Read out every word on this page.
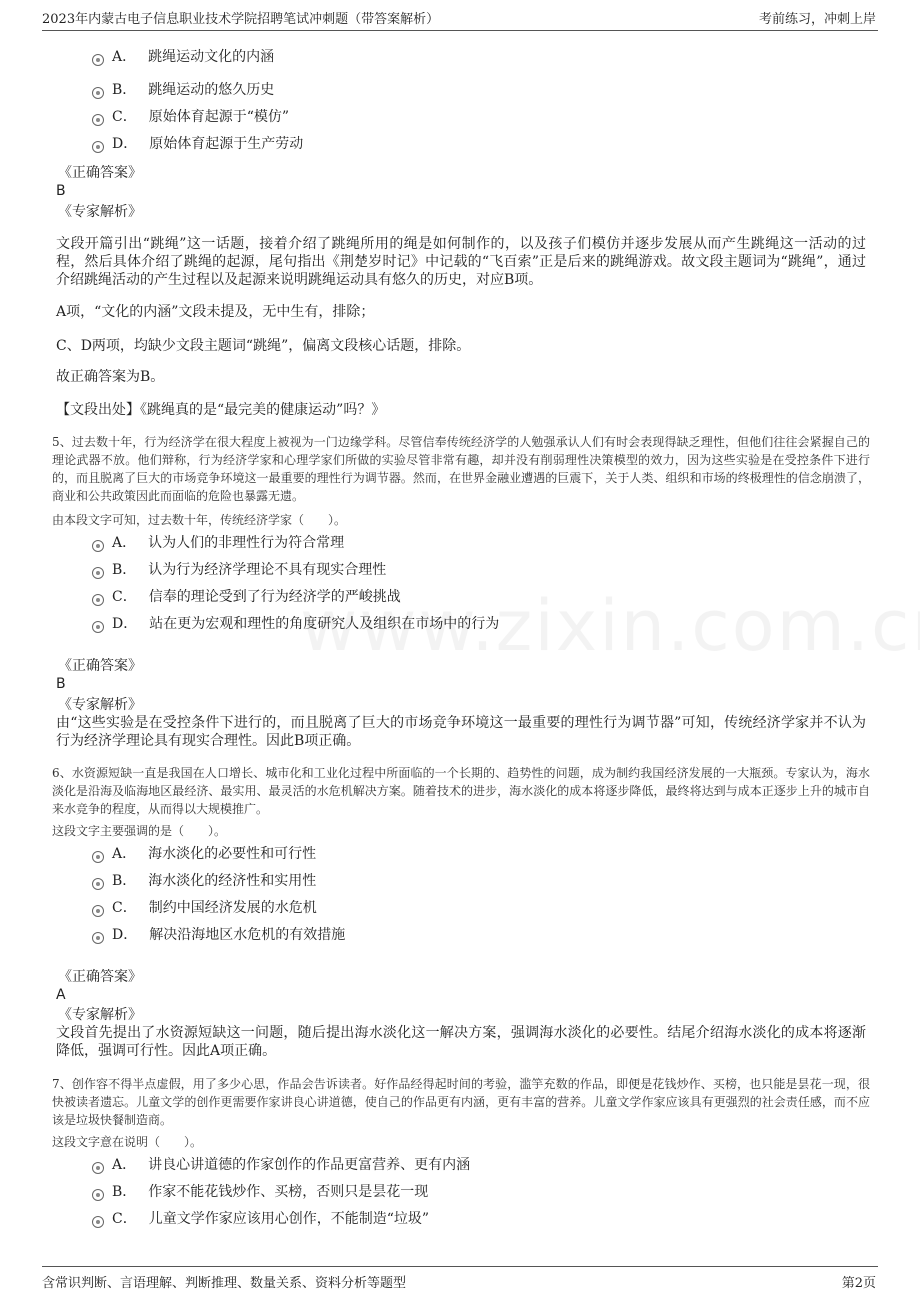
2023年内蒙古电子信息职业技术学院招聘笔试冲刺题（带答案解析）	考前练习，冲刺上岸
A． 跳绳运动文化的内涵
B． 跳绳运动的悠久历史
C． 原始体育起源于“模仿”
D． 原始体育起源于生产劳动
《正确答案》
B
《专家解析》
文段开篇引出“跳绳”这一话题，接着介绍了跳绳所用的绳是如何制作的，以及孩子们模仿并逐步发展从而产生跳绳这一活动的过程，然后具体介绍了跳绳的起源，尾句指出《荆楚岁时记》中记载的“飞百索”正是后来的跳绳游戏。故文段主题词为“跳绳”，通过介绍跳绳活动的产生过程以及起源来说明跳绳运动具有悠久的历史，对应B项。
A项，“文化的内涵”文段未提及，无中生有，排除；
C、D两项，均缺少文段主题词“跳绳”，偏离文段核心话题，排除。
故正确答案为B。
【文段出处】《跳绳真的是“最完美的健康运动”吗？》
5、过去数十年，行为经济学在很大程度上被视为一门边缘学科。尽管信奉传统经济学的人勉强承认人们有时会表现得缺乏理性，但他们往往会紧握自己的理论武器不放。他们辩称，行为经济学家和心理学家们所做的实验尽管非常有趣，却并没有削弱理性决策模型的效力，因为这些实验是在受控条件下进行的，而且脱离了巨大的市场竞争环境这一最重要的理性行为调节器。然而，在世界金融业遭遇的巨震下，关于人类、组织和市场的终极理性的信念崩溃了，商业和公共政策因此而面临的危险也暴露无遗。
由本段文字可知，过去数十年，传统经济学家（　　）。
A． 认为人们的非理性行为符合常理
B． 认为行为经济学理论不具有现实合理性
C． 信奉的理论受到了行为经济学的严峻挑战
D． 站在更为宏观和理性的角度研究人及组织在市场中的行为
《正确答案》
B
《专家解析》
由“这些实验是在受控条件下进行的，而且脱离了巨大的市场竞争环境这一最重要的理性行为调节器”可知，传统经济学家并不认为行为经济学理论具有现实合理性。因此B项正确。
6、水资源短缺一直是我国在人口增长、城市化和工业化过程中所面临的一个长期的、趋势性的问题，成为制约我国经济发展的一大瓶颈。专家认为，海水淡化是沿海及临海地区最经济、最实用、最灵活的水危机解决方案。随着技术的进步，海水淡化的成本将逐步降低，最终将达到与成本正逐步上升的城市自来水竞争的程度，从而得以大规模推广。
这段文字主要强调的是（　　）。
A． 海水淡化的必要性和可行性
B． 海水淡化的经济性和实用性
C． 制约中国经济发展的水危机
D． 解决沿海地区水危机的有效措施
《正确答案》
A
《专家解析》
文段首先提出了水资源短缺这一问题，随后提出海水淡化这一解决方案，强调海水淡化的必要性。结尾介绍海水淡化的成本将逐渐降低，强调可行性。因此A项正确。
7、创作容不得半点虚假，用了多少心思，作品会告诉读者。好作品经得起时间的考验，滥竽充数的作品，即便是花钱炒作、买榜，也只能是昙花一现，很快被读者遗忘。儿童文学的创作更需要作家讲良心讲道德，使自己的作品更有内涵，更有丰富的营养。儿童文学作家应该具有更强烈的社会责任感，而不应该是垃圾快餐制造商。
这段文字意在说明（　　）。
A． 讲良心讲道德的作家创作的作品更富营养、更有内涵
B． 作家不能花钱炒作、买榜，否则只是昙花一现
C． 儿童文学作家应该用心创作，不能制造“垃圾”
含常识判断、言语理解、判断推理、数量关系、资料分析等题型	第2页
